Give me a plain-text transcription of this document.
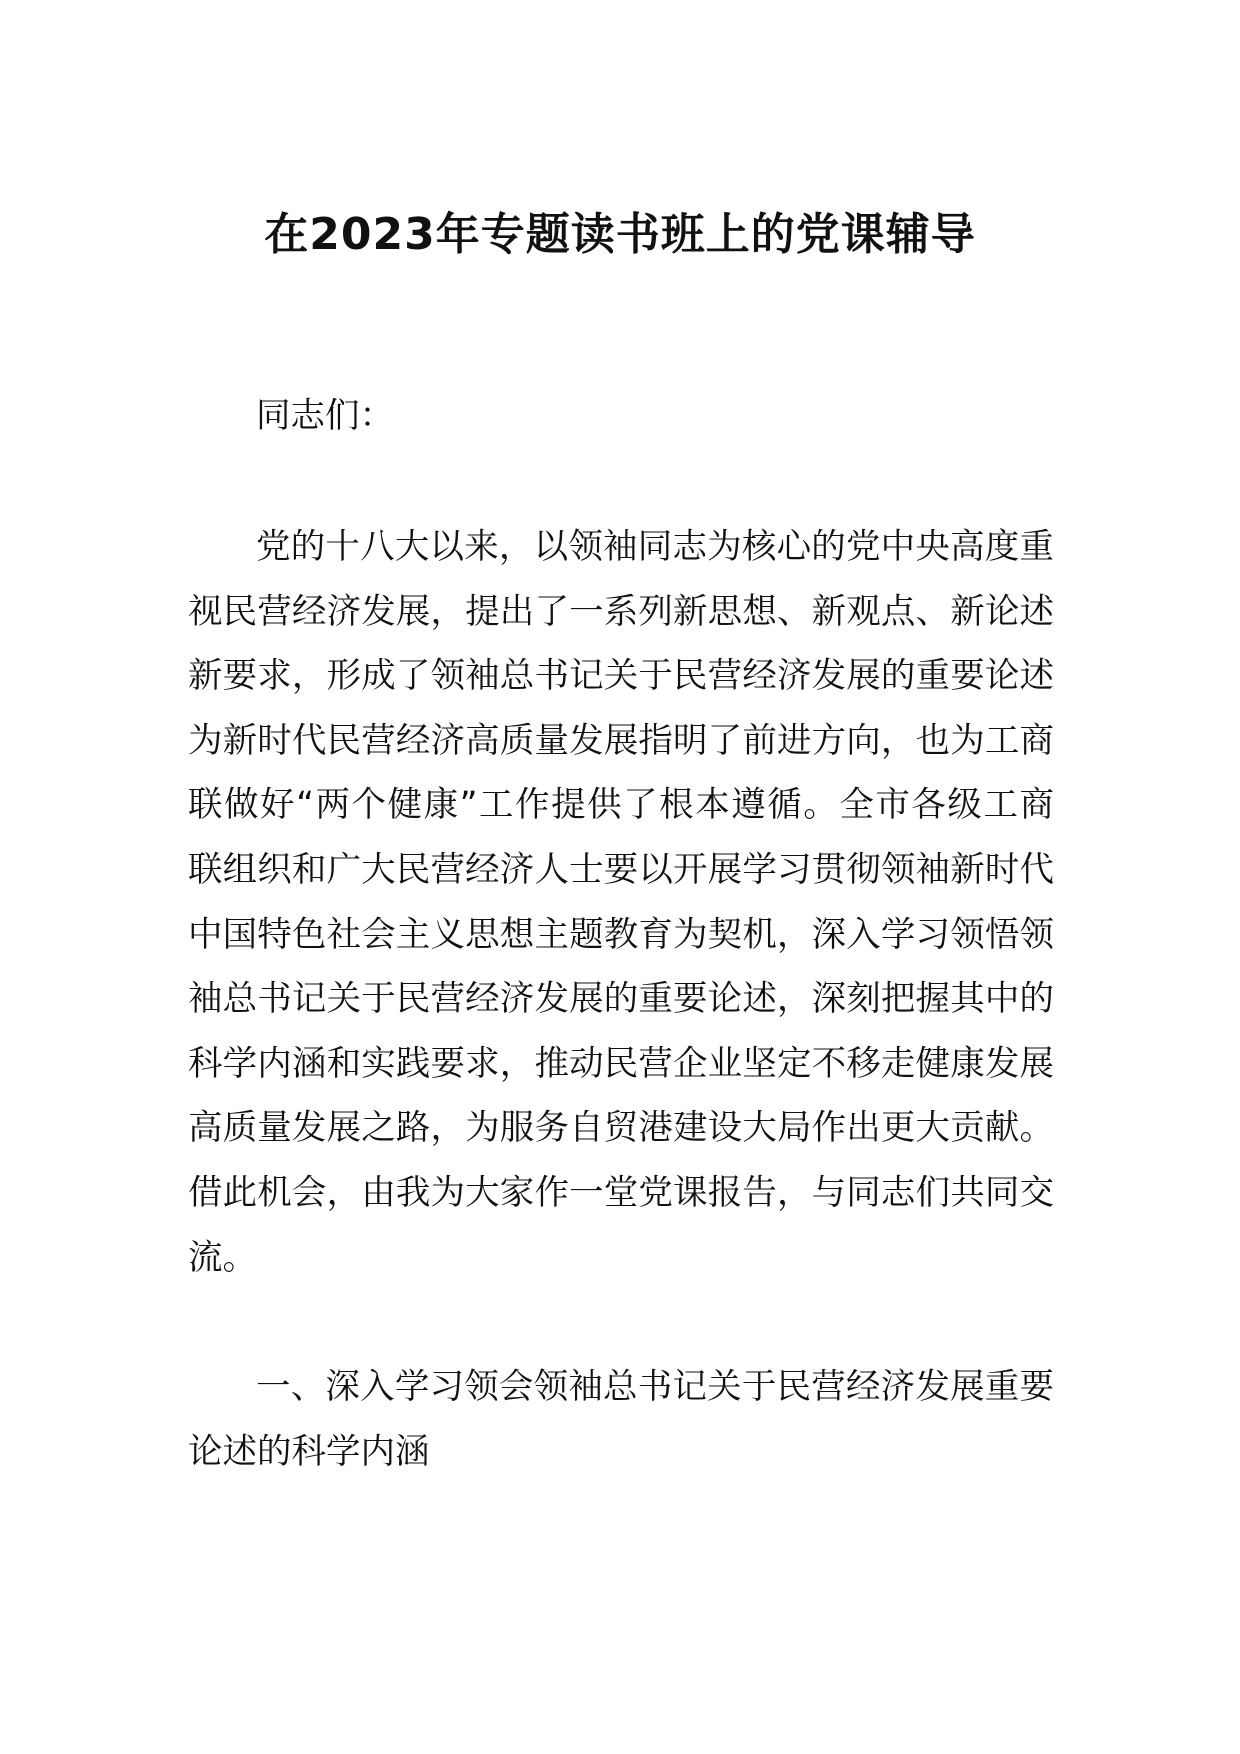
在2023年专题读书班上的党课辅导
同志们：
党的十八大以来，以领袖同志为核心的党中央高度重
视民营经济发展，提出了一系列新思想、新观点、新论述
新要求，形成了领袖总书记关于民营经济发展的重要论述
为新时代民营经济高质量发展指明了前进方向，也为工商
联做好“两个健康”工作提供了根本遵循。全市各级工商
联组织和广大民营经济人士要以开展学习贯彻领袖新时代
中国特色社会主义思想主题教育为契机，深入学习领悟领
袖总书记关于民营经济发展的重要论述，深刻把握其中的
科学内涵和实践要求，推动民营企业坚定不移走健康发展
高质量发展之路，为服务自贸港建设大局作出更大贡献。
借此机会，由我为大家作一堂党课报告，与同志们共同交
流。
一、深入学习领会领袖总书记关于民营经济发展重要
论述的科学内涵
